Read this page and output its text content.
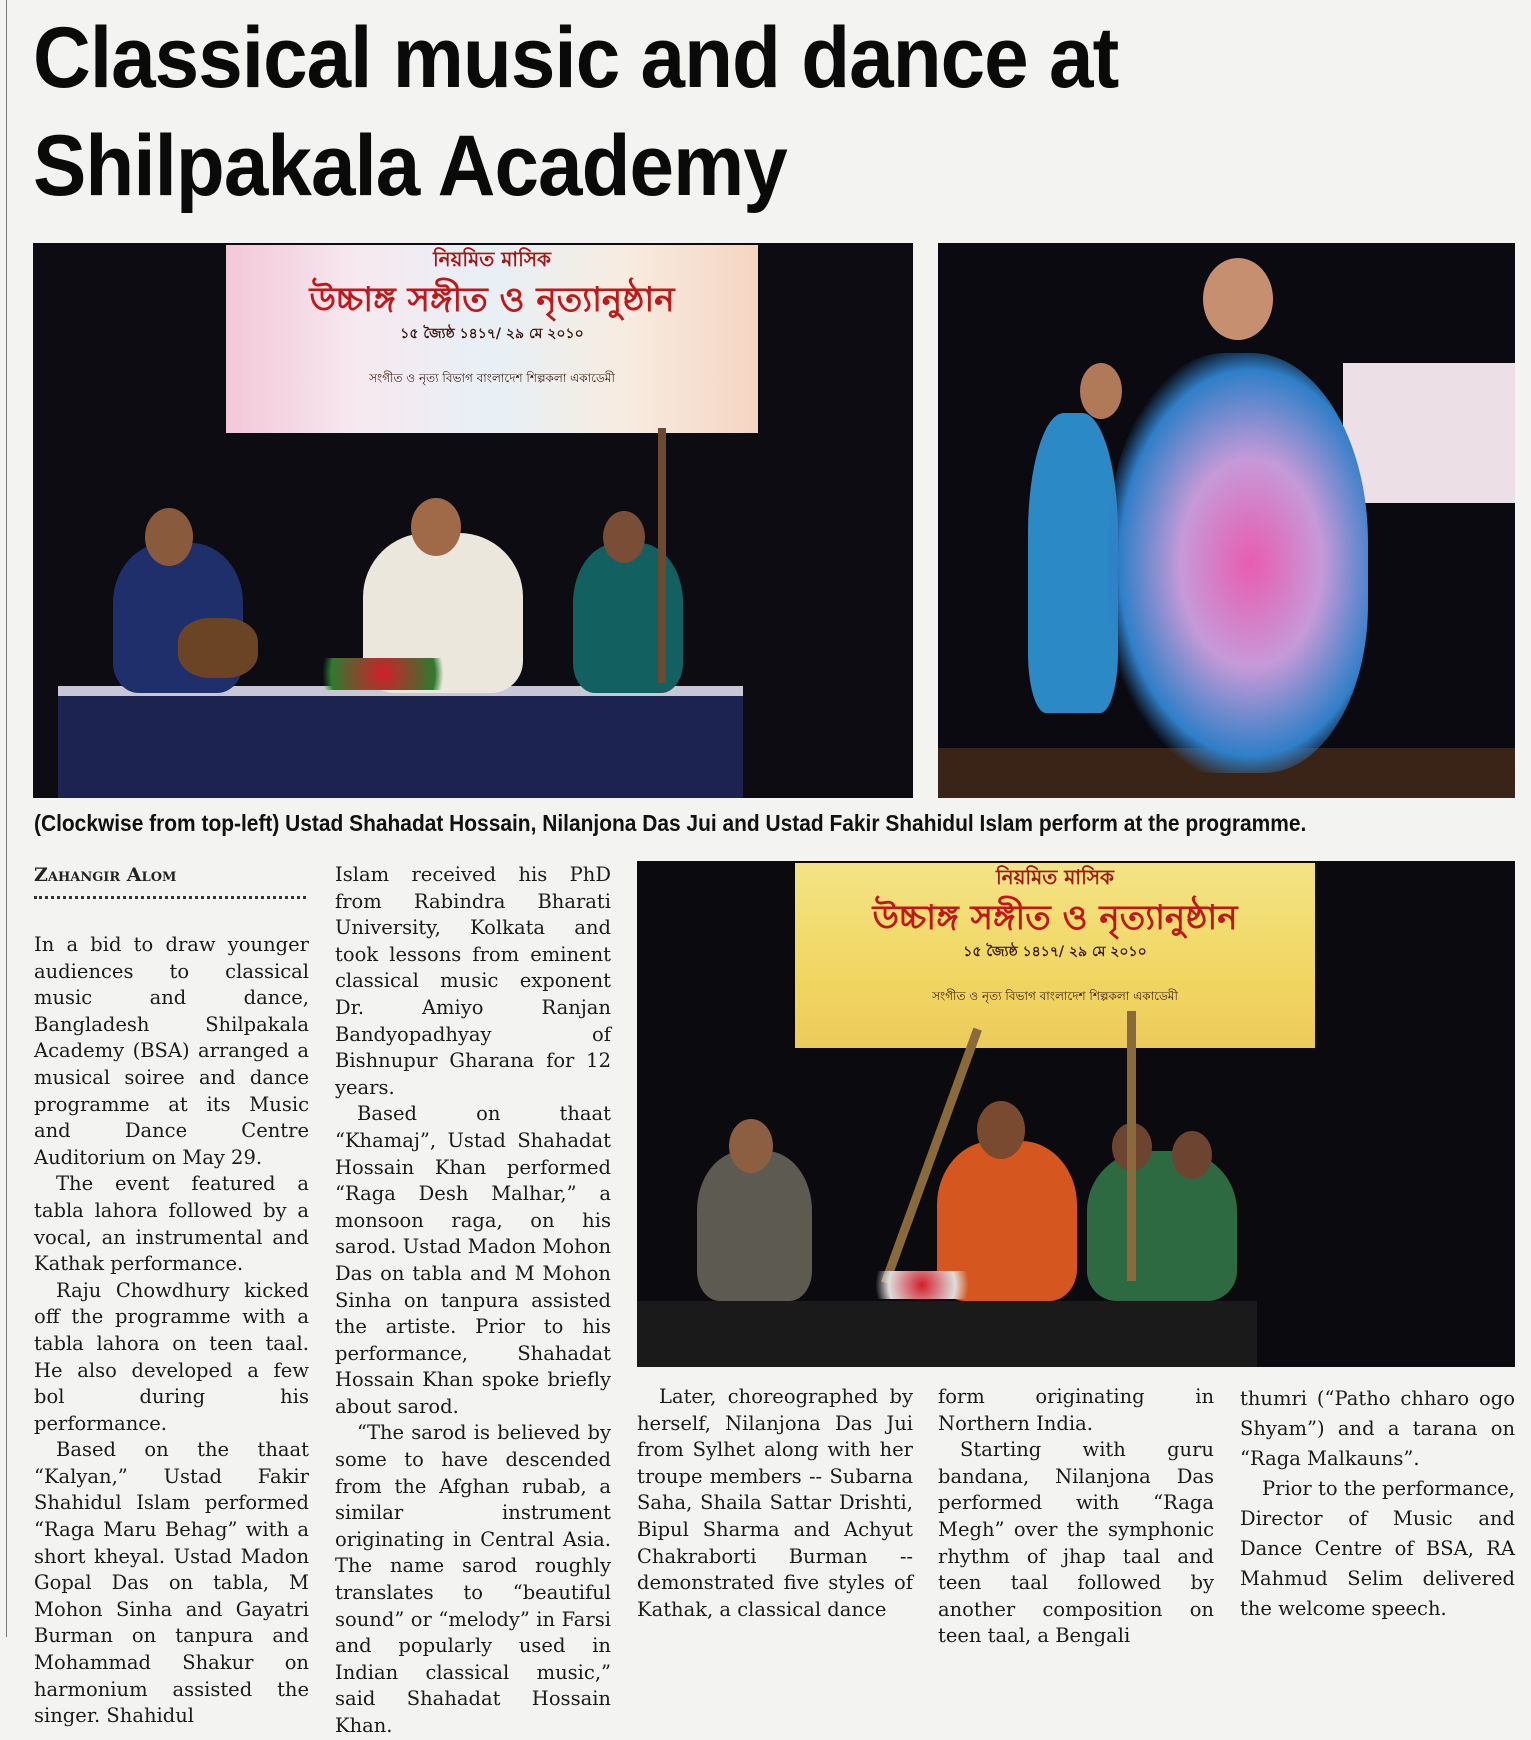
Classical music and dance at Shilpakala Academy
নিয়মিত মাসিক
উচ্চাঙ্গ সঙ্গীত ও নৃত্যানুষ্ঠান
১৫ জ্যৈষ্ঠ ১৪১৭/ ২৯ মে ২০১০
সংগীত ও নৃত্য বিভাগ বাংলাদেশ শিল্পকলা একাডেমী

(Clockwise from top-left) Ustad Shahadat Hossain, Nilanjona Das Jui and Ustad Fakir Shahidul Islam perform at the programme.

নিয়মিত মাসিক
উচ্চাঙ্গ সঙ্গীত ও নৃত্যানুষ্ঠান
১৫ জ্যৈষ্ঠ ১৪১৭/ ২৯ মে ২০১০
সংগীত ও নৃত্য বিভাগ বাংলাদেশ শিল্পকলা একাডেমী
Zahangir Alom

In a bid to draw younger audiences to classical music and dance, Bangladesh Shilpakala Academy (BSA) arranged a musical soiree and dance programme at its Music and Dance Centre Auditorium on May 29.

The event featured a tabla lahora followed by a vocal, an instrumental and Kathak performance.

Raju Chowdhury kicked off the programme with a tabla lahora on teen taal. He also developed a few bol during his performance.

Based on the thaat “Kalyan,” Ustad Fakir Shahidul Islam performed “Raga Maru Behag” with a short kheyal. Ustad Madon Gopal Das on tabla, M Mohon Sinha and Gayatri Burman on tanpura and Mohammad Shakur on harmonium assisted the singer. Shahidul

Islam received his PhD from Rabindra Bharati University, Kolkata and took lessons from eminent classical music exponent Dr. Amiyo Ranjan Bandyopadhyay of Bishnupur Gharana for 12 years.

Based on thaat “Khamaj”, Ustad Shahadat Hossain Khan performed “Raga Desh Malhar,” a monsoon raga, on his sarod. Ustad Madon Mohon Das on tabla and M Mohon Sinha on tanpura assisted the artiste. Prior to his performance, Shahadat Hossain Khan spoke briefly about sarod.

“The sarod is believed by some to have descended from the Afghan rubab, a similar instrument originating in Central Asia. The name sarod roughly translates to “beautiful sound” or “melody” in Farsi and popularly used in Indian classical music,” said Shahadat Hossain Khan.

Later, choreographed by herself, Nilanjona Das Jui from Sylhet along with her troupe members -- Subarna Saha, Shaila Sattar Drishti, Bipul Sharma and Achyut Chakraborti Burman -- demonstrated five styles of Kathak, a classical dance

form originating in Northern India.

Starting with guru bandana, Nilanjona Das performed with “Raga Megh” over the symphonic rhythm of jhap taal and teen taal followed by another composition on teen taal, a Bengali

thumri (“Patho chharo ogo Shyam”) and a tarana on “Raga Malkauns”.

Prior to the performance, Director of Music and Dance Centre of BSA, RA Mahmud Selim delivered the welcome speech.
